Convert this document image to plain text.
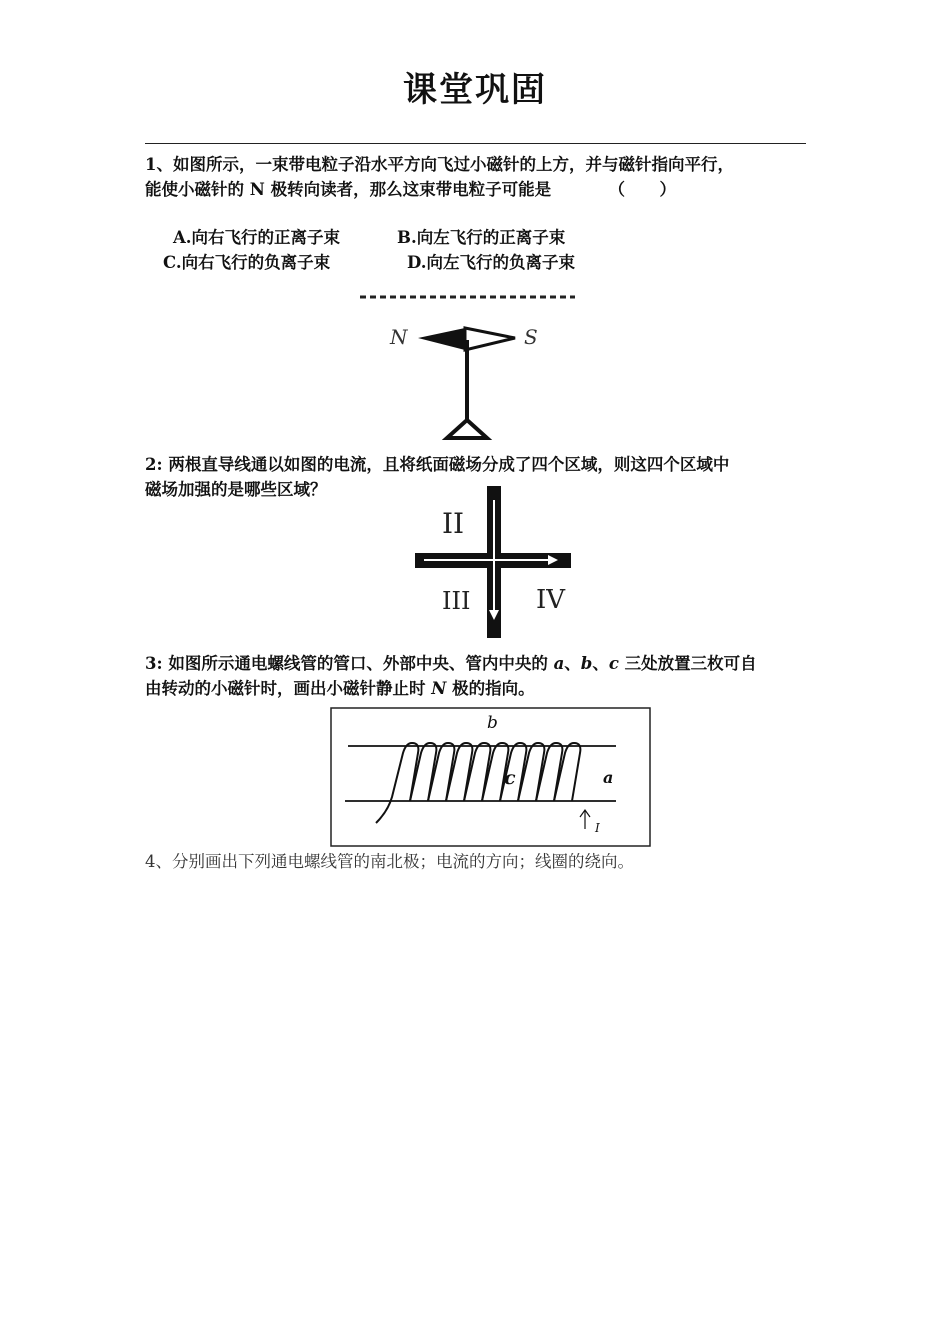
课堂巩固
1、如图所示，一束带电粒子沿水平方向飞过小磁针的上方，并与磁针指向平行，
能使小磁针的 N 极转向读者，那么这束带电粒子可能是          （      ）
A.向右飞行的正离子束	B.向左飞行的正离子束
C.向右飞行的负离子束	D.向左飞行的负离子束
N	S
2: 两根直导线通以如图的电流，且将纸面磁场分成了四个区域，则这四个区域中
磁场加强的是哪些区域？
II
III	IV
3: 如图所示通电螺线管的管口、外部中央、管内中央的 a、b、c 三处放置三枚可自
由转动的小磁针时，画出小磁针静止时 N 极的指向。
b
c	a
I
4、分别画出下列通电螺线管的南北极；电流的方向；线圈的绕向。
